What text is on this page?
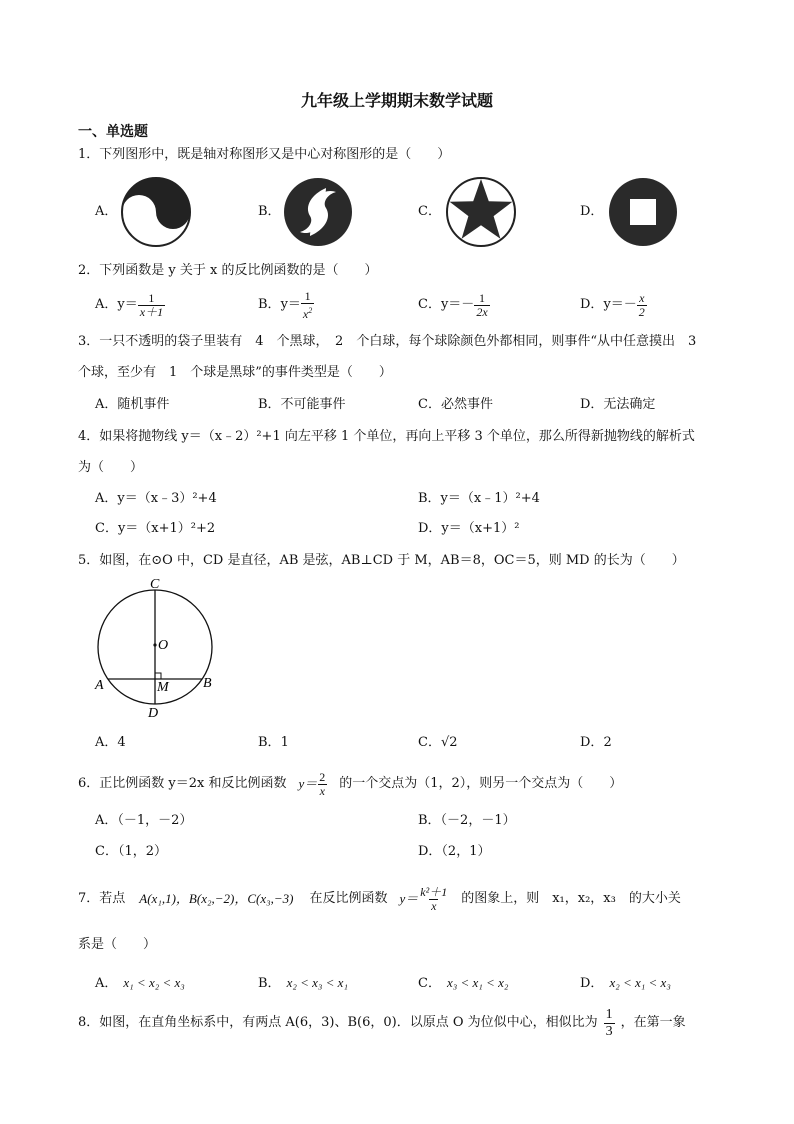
九年级上学期期末数学试题
一、单选题
1．下列图形中，既是轴对称图形又是中心对称图形的是（　　）
A．	B．	C．	D．
2．下列函数是 y 关于 x 的反比例函数的是（　　）
A． $y= \frac{1}{x+1}$	B． $y= \frac{1}{x^2}$	C． $y=- \frac{1}{2x}$	D． $y=- \frac{x}{2}$
3．一只不透明的袋子里装有　4　个黑球，　2　个白球，每个球除颜色外都相同，则事件“从中任意摸出　3
个球，至少有　1　个球是黑球”的事件类型是（　　）
A．随机事件	B．不可能事件	C．必然事件	D．无法确定
4．如果将抛物线 y＝（x﹣2）²+1 向左平移 1 个单位，再向上平移 3 个单位，那么所得新抛物线的解析式
为（　　）
A．y＝（x﹣3）²+4	B．y＝（x﹣1）²+4
C．y＝（x+1）²+2	D．y＝（x+1）²
5．如图，在⊙O 中，CD 是直径，AB 是弦，AB⊥CD 于 M，AB＝8，OC＝5，则 MD 的长为（　　）
C
O
A	M B
D
A．4	B．1	C．√2	D．2
6．正比例函数 y＝2x 和反比例函数 $y= \frac{2}{x}$ 的一个交点为（1，2），则另一个交点为（　　）
A．（－1，－2）	B．（－2，－1）
C．（1，2）	D．（2，1）
7．若点 A(x₁,1)，B(x₂,−2)，C(x₃,−3) 在反比例函数 $y= \frac{\text{k²＋1}}{x}$ 的图象上，则　x₁，x₂，x₃　的大小关
系是（　　）
A． x₁ < x₂ < x₃	B． x₂ < x₃ < x₁	C． x₃ < x₁ < x₂	D． x₂ < x₁ < x₃
8．如图，在直角坐标系中，有两点 A(6，3)、B(6，0)．以原点 O 为位似中心，相似比为 $\frac{1}{3}$ ，在第一象
